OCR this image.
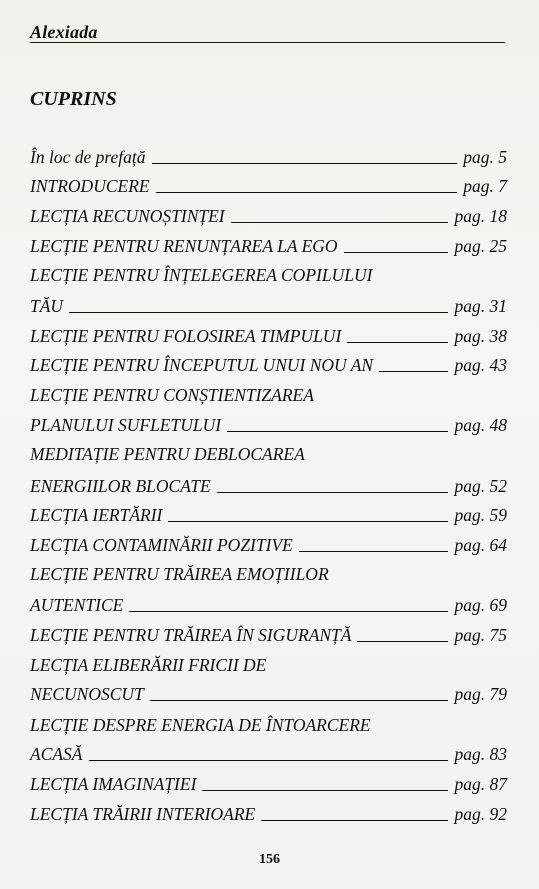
Alexiada
CUPRINS
În loc de prefață	pag. 5
INTRODUCERE	pag. 7
LECȚIA RECUNOȘTINȚEI	pag. 18
LECȚIE PENTRU RENUNȚAREA LA EGO	pag. 25
LECȚIE PENTRU ÎNȚELEGEREA COPILULUI
TĂU	pag. 31
LECȚIE PENTRU FOLOSIREA TIMPULUI	pag. 38
LECȚIE PENTRU ÎNCEPUTUL UNUI NOU AN	pag. 43
LECȚIE PENTRU CONȘTIENTIZAREA
PLANULUI SUFLETULUI	pag. 48
MEDITAȚIE PENTRU DEBLOCAREA
ENERGIILOR BLOCATE	pag. 52
LECȚIA IERTĂRII	pag. 59
LECȚIA CONTAMINĂRII POZITIVE	pag. 64
LECȚIE PENTRU TRĂIREA EMOȚIILOR
AUTENTICE	pag. 69
LECȚIE PENTRU TRĂIREA ÎN SIGURANȚĂ	pag. 75
LECȚIA ELIBERĂRII FRICII DE
NECUNOSCUT	pag. 79
LECȚIE DESPRE ENERGIA DE ÎNTOARCERE
ACASĂ	pag. 83
LECȚIA IMAGINAȚIEI	pag. 87
LECȚIA TRĂIRII INTERIOARE	pag. 92
156
